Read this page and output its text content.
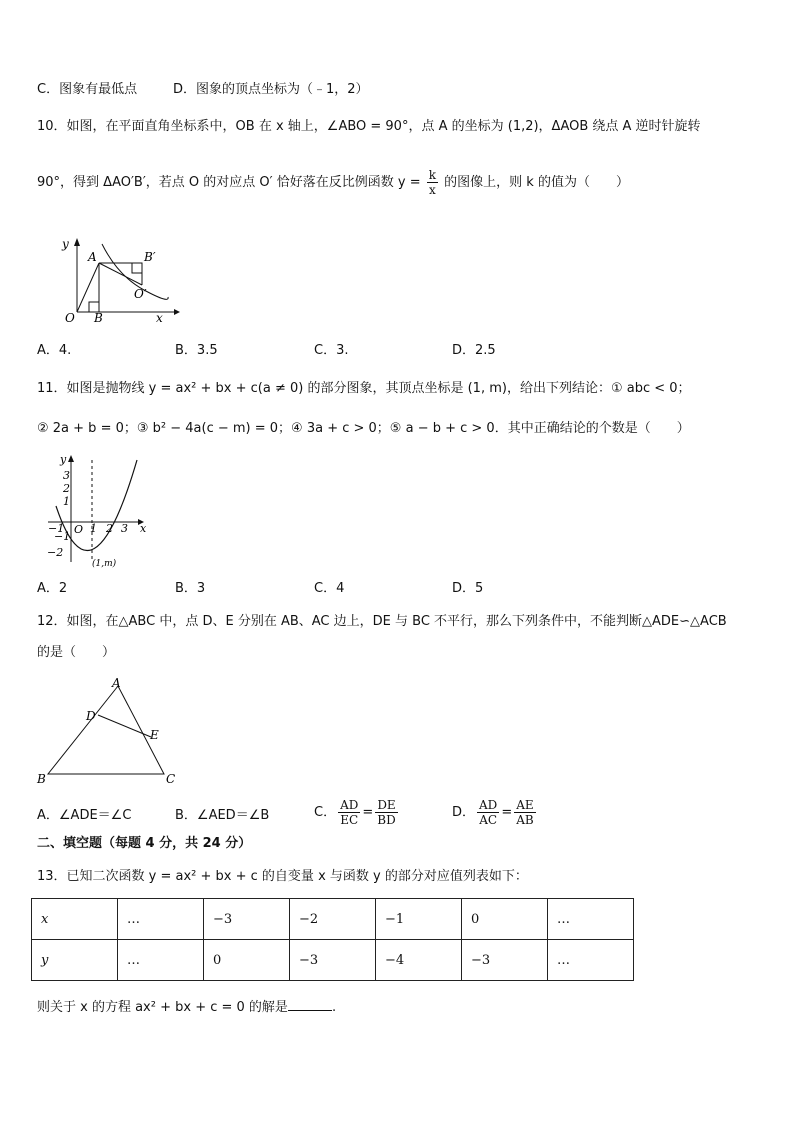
C．图象有最低点	D．图象的顶点坐标为（﹣1，2）
10．如图，在平面直角坐标系中，OB 在 x 轴上，∠ABO = 90°，点 A 的坐标为 (1,2)，ΔAOB 绕点 A 逆时针旋转
90°，得到 ΔAO′B′，若点 O 的对应点 O′ 恰好落在反比例函数 $y = \frac{k}{x}$ 的图像上，则 k 的值为（　　）
y
x
O
A
B
B′
O′
A．4.	B．3.5	C．3.	D．2.5
11．如图是抛物线 y = ax² + bx + c(a ≠ 0) 的部分图象，其顶点坐标是 (1, m)，给出下列结论：① abc < 0；
② 2a + b = 0；③ b² − 4a(c − m) = 0；④ 3a + c > 0；⑤ a − b + c > 0．其中正确结论的个数是（　　）
y
x
O
3
2
1
−1
−2
−1 1 2 3
(1,m)
A．2	B．3	C．4	D．5
12．如图，在△ABC 中，点 D、E 分别在 AB、AC 边上，DE 与 BC 不平行，那么下列条件中，不能判断△ADE∽△ACB
的是（　　）
A
D
E
B	C
A．∠ADE＝∠C	B．∠AED＝∠B	C． $\frac{AD}{EC} = \frac{DE}{BD}$	D． $\frac{AD}{AC} = \frac{AE}{AB}$
二、填空题（每题 4 分，共 24 分）
13．已知二次函数 y = ax² + bx + c 的自变量 x 与函数 y 的部分对应值列表如下：
x	…	−3	−2	−1	0	…
y	…	0	−3	−4	−3	…
则关于 x 的方程 ax² + bx + c = 0 的解是	.
